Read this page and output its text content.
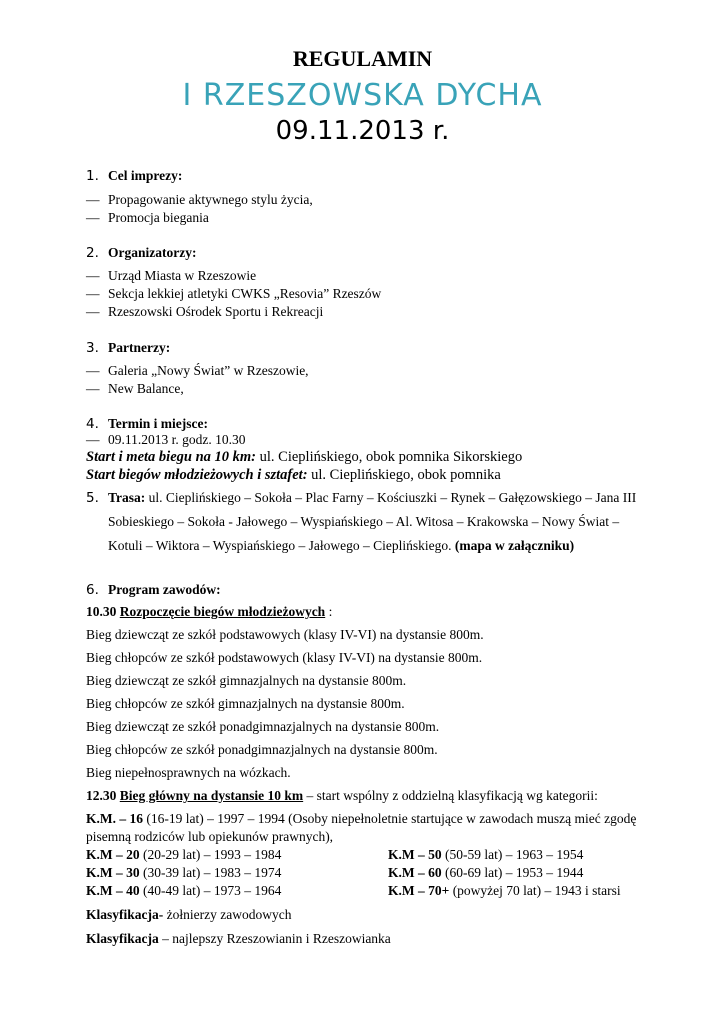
REGULAMIN
I RZESZOWSKA DYCHA
09.11.2013 r.
1. Cel imprezy:
— Propagowanie aktywnego stylu życia,
— Promocja biegania
2. Organizatorzy:
— Urząd Miasta w Rzeszowie
— Sekcja lekkiej atletyki CWKS „Resovia” Rzeszów
— Rzeszowski Ośrodek Sportu i Rekreacji
3. Partnerzy:
— Galeria „Nowy Świat” w Rzeszowie,
— New Balance,
4. Termin i miejsce:
— 09.11.2013 r. godz. 10.30
Start i meta biegu na 10 km: ul. Cieplińskiego, obok pomnika Sikorskiego
Start biegów młodzieżowych i sztafet: ul. Cieplińskiego, obok pomnika
5. Trasa: ul. Cieplińskiego – Sokoła – Plac Farny – Kościuszki – Rynek – Gałęzowskiego – Jana III
Sobieskiego – Sokoła - Jałowego – Wyspiańskiego – Al. Witosa – Krakowska – Nowy Świat –
Kotuli – Wiktora – Wyspiańskiego – Jałowego – Cieplińskiego. (mapa w załączniku)
6. Program zawodów:
10.30 Rozpoczęcie biegów młodzieżowych :
Bieg dziewcząt ze szkół podstawowych (klasy IV-VI) na dystansie 800m.
Bieg chłopców ze szkół podstawowych (klasy IV-VI) na dystansie 800m.
Bieg dziewcząt ze szkół gimnazjalnych na dystansie 800m.
Bieg chłopców ze szkół gimnazjalnych na dystansie 800m.
Bieg dziewcząt ze szkół ponadgimnazjalnych na dystansie 800m.
Bieg chłopców ze szkół ponadgimnazjalnych na dystansie 800m.
Bieg niepełnosprawnych na wózkach.
12.30 Bieg główny na dystansie 10 km – start wspólny z oddzielną klasyfikacją wg kategorii:
K.M. – 16 (16-19 lat) – 1997 – 1994 (Osoby niepełnoletnie startujące w zawodach muszą mieć zgodę
pisemną rodziców lub opiekunów prawnych),
K.M – 20 (20-29 lat) – 1993 – 1984
K.M – 30 (30-39 lat) – 1983 – 1974
K.M – 40 (40-49 lat) – 1973 – 1964
K.M – 50 (50-59 lat) – 1963 – 1954
K.M – 60 (60-69 lat) – 1953 – 1944
K.M – 70+ (powyżej 70 lat) – 1943 i starsi
Klasyfikacja- żołnierzy zawodowych
Klasyfikacja – najlepszy Rzeszowianin i Rzeszowianka
